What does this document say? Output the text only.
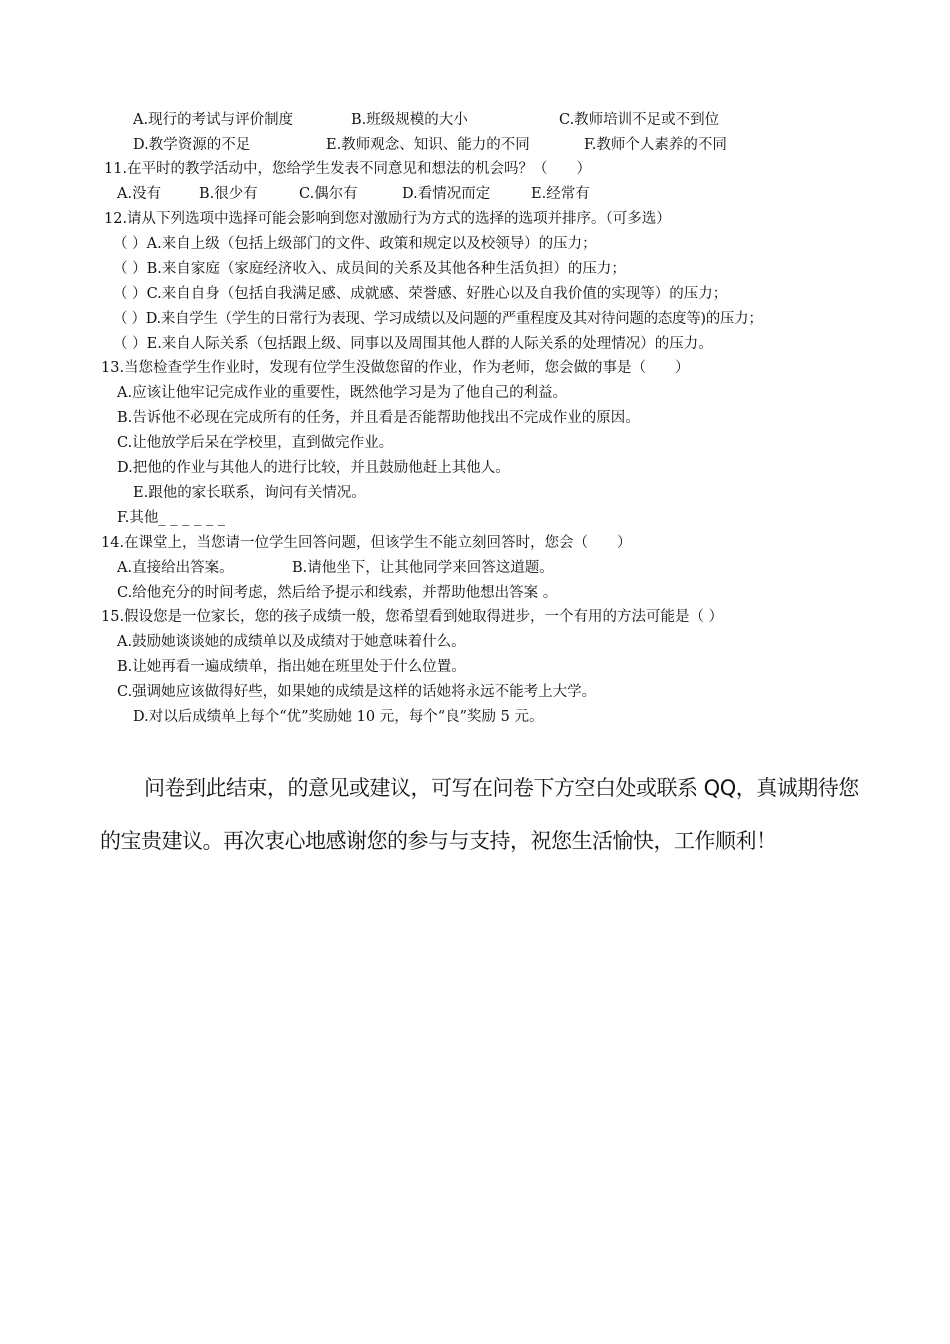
A.现行的考试与评价制度	B.班级规模的大小	C.教师培训不足或不到位
D.教学资源的不足	E.教师观念、知识、能力的不同	F.教师个人素养的不同
11.在平时的教学活动中，您给学生发表不同意见和想法的机会吗？（　　）
A.没有	B.很少有	C.偶尔有	D.看情况而定	E.经常有
12.请从下列选项中选择可能会影响到您对激励行为方式的选择的选项并排序。（可多选）
（ ）A.来自上级（包括上级部门的文件、政策和规定以及校领导）的压力；
（ ）B.来自家庭（家庭经济收入、成员间的关系及其他各种生活负担）的压力；
（ ）C.来自自身（包括自我满足感、成就感、荣誉感、好胜心以及自我价值的实现等）的压力；
（ ）D.来自学生（学生的日常行为表现、学习成绩以及问题的严重程度及其对待问题的态度等)的压力；
（ ）E.来自人际关系（包括跟上级、同事以及周围其他人群的人际关系的处理情况）的压力。
13.当您检查学生作业时，发现有位学生没做您留的作业，作为老师，您会做的事是（　　）
A.应该让他牢记完成作业的重要性，既然他学习是为了他自己的利益。
B.告诉他不必现在完成所有的任务，并且看是否能帮助他找出不完成作业的原因。
C.让他放学后呆在学校里，直到做完作业。
D.把他的作业与其他人的进行比较，并且鼓励他赶上其他人。
E.跟他的家长联系，询问有关情况。
F.其他_ _ _ _ _ _
14.在课堂上，当您请一位学生回答问题，但该学生不能立刻回答时，您会（　　）
A.直接给出答案。	B.请他坐下，让其他同学来回答这道题。
C.给他充分的时间考虑，然后给予提示和线索，并帮助他想出答案 。
15.假设您是一位家长，您的孩子成绩一般，您希望看到她取得进步，一个有用的方法可能是（ ）
A.鼓励她谈谈她的成绩单以及成绩对于她意味着什么。
B.让她再看一遍成绩单，指出她在班里处于什么位置。
C.强调她应该做得好些，如果她的成绩是这样的话她将永远不能考上大学。
D.对以后成绩单上每个“优”奖励她 10 元，每个“良”奖励 5 元。
问卷到此结束，的意见或建议，可写在问卷下方空白处或联系 QQ，真诚期待您的宝贵建议。再次衷心地感谢您的参与与支持，祝您生活愉快，工作顺利！
